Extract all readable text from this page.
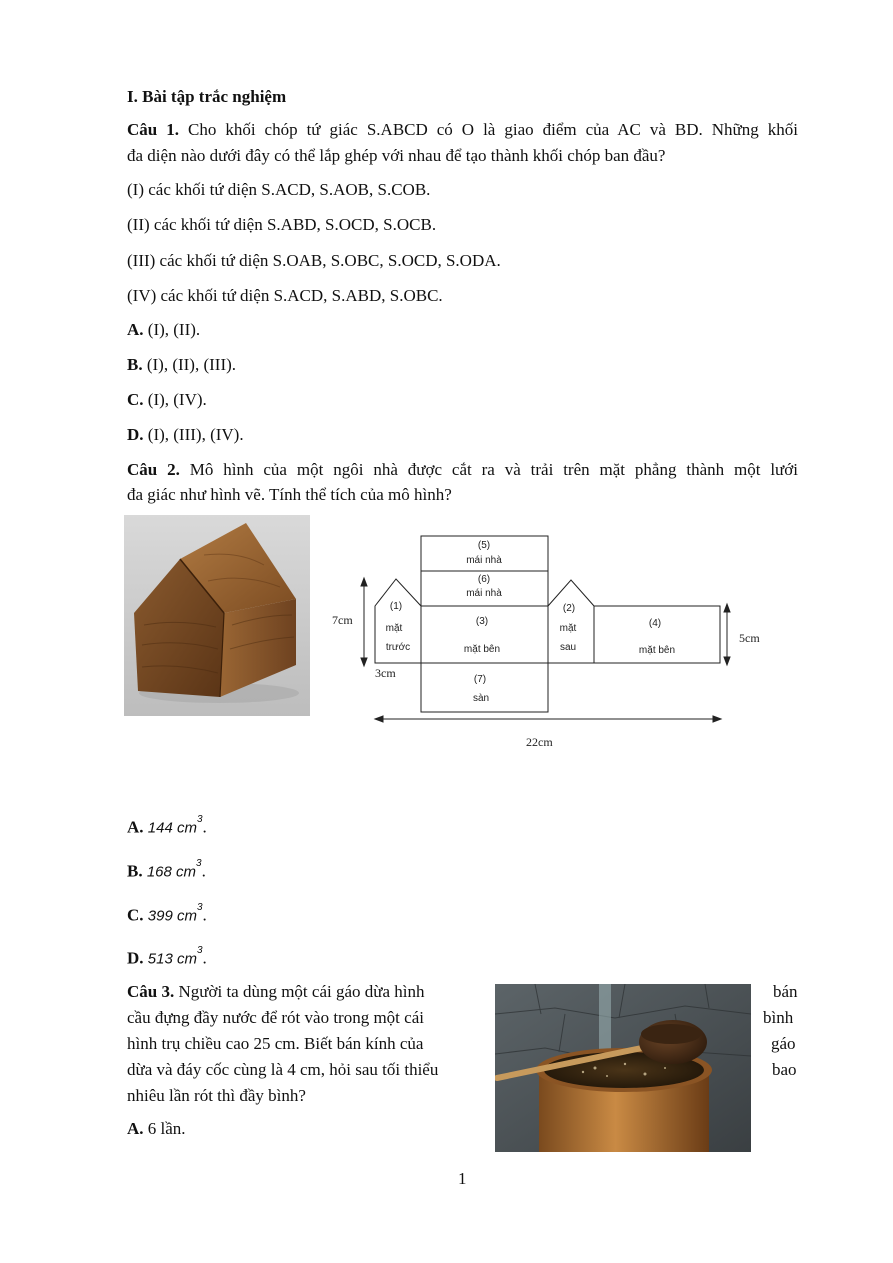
I. Bài tập trắc nghiệm
Câu 1. Cho khối chóp tứ giác S.ABCD có O là giao điểm của AC và BD. Những khối
đa diện nào dưới đây có thể lắp ghép với nhau để tạo thành khối chóp ban đầu?
(I) các khối tứ diện S.ACD, S.AOB, S.COB.
(II) các khối tứ diện S.ABD, S.OCD, S.OCB.
(III) các khối tứ diện S.OAB, S.OBC, S.OCD, S.ODA.
(IV) các khối tứ diện S.ACD, S.ABD, S.OBC.
A. (I), (II).
B. (I), (II), (III).
C. (I), (IV).
D. (I), (III), (IV).
Câu 2. Mô hình của một ngôi nhà được cắt ra và trải trên mặt phẳng thành một lưới
đa giác như hình vẽ. Tính thể tích của mô hình?
(5)
mái nhà
(6)
mái nhà
(1)
mặt
trước
(3)
mặt bên
(2)
mặt
sau
(4)
mặt bên
(7)
sàn
7cm
5cm
3cm
22cm
A. 144 $cm^3$.
B. 168 $cm^3$.
C. 399 $cm^3$.
D. 513 $cm^3$.
Câu 3. Người ta dùng một cái gáo dừa hình
cầu đựng đầy nước để rót vào trong một cái
hình trụ chiều cao 25 cm. Biết bán kính của
dừa và đáy cốc cùng là 4 cm, hỏi sau tối thiểu
nhiêu lần rót thì đầy bình?
bán
bình
gáo
bao
A. 6 lần.
1
